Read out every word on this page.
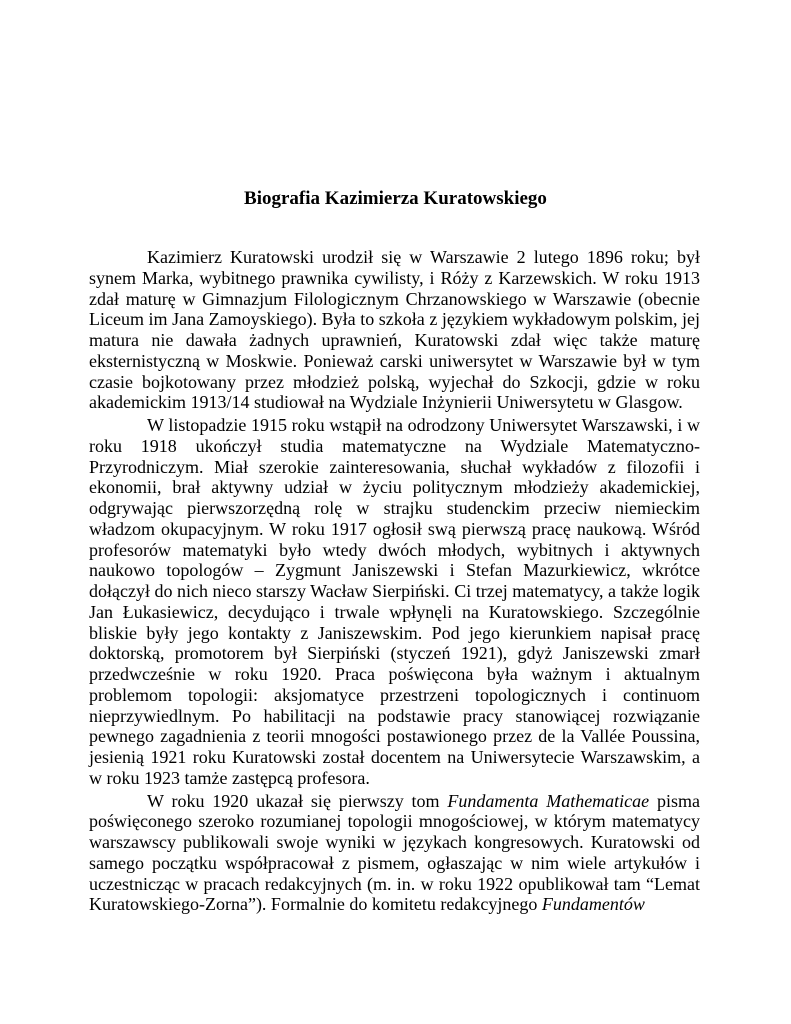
Biografia Kazimierza Kuratowskiego

Kazimierz Kuratowski urodził się w Warszawie 2 lutego 1896 roku; był synem Marka, wybitnego prawnika cywilisty, i Róży z Karzewskich. W roku 1913 zdał maturę w Gimnazjum Filologicznym Chrzanowskiego w Warszawie (obecnie Liceum im Jana Zamoyskiego). Była to szkoła z językiem wykładowym polskim, jej matura nie dawała żadnych uprawnień, Kuratowski zdał więc także maturę eksternistyczną w Moskwie. Ponieważ carski uniwersytet w Warszawie był w tym czasie bojkotowany przez młodzież polską, wyjechał do Szkocji, gdzie w roku akademickim 1913/14 studiował na Wydziale Inżynierii Uniwersytetu w Glasgow.

W listopadzie 1915 roku wstąpił na odrodzony Uniwersytet Warszawski, i w roku 1918 ukończył studia matematyczne na Wydziale Matematyczno-Przyrodniczym. Miał szerokie zainteresowania, słuchał wykładów z filozofii i ekonomii, brał aktywny udział w życiu politycznym młodzieży akademickiej, odgrywając pierwszorzędną rolę w strajku studenckim przeciw niemieckim władzom okupacyjnym. W roku 1917 ogłosił swą pierwszą pracę naukową. Wśród profesorów matematyki było wtedy dwóch młodych, wybitnych i aktywnych naukowo topologów – Zygmunt Janiszewski i Stefan Mazurkiewicz, wkrótce dołączył do nich nieco starszy Wacław Sierpiński. Ci trzej matematycy, a także logik Jan Łukasiewicz, decydująco i trwale wpłynęli na Kuratowskiego. Szczególnie bliskie były jego kontakty z Janiszewskim. Pod jego kierunkiem napisał pracę doktorską, promotorem był Sierpiński (styczeń 1921), gdyż Janiszewski zmarł przedwcześnie w roku 1920. Praca poświęcona była ważnym i aktualnym problemom topologii: aksjomatyce przestrzeni topologicznych i continuom nieprzywiedlnym. Po habilitacji na podstawie pracy stanowiącej rozwiązanie pewnego zagadnienia z teorii mnogości postawionego przez de la Vallée Poussina, jesienią 1921 roku Kuratowski został docentem na Uniwersytecie Warszawskim, a w roku 1923 tamże zastępcą profesora.

W roku 1920 ukazał się pierwszy tom Fundamenta Mathematicae pisma poświęconego szeroko rozumianej topologii mnogościowej, w którym matematycy warszawscy publikowali swoje wyniki w językach kongresowych. Kuratowski od samego początku współpracował z pismem, ogłaszając w nim wiele artykułów i uczestnicząc w pracach redakcyjnych (m. in. w roku 1922 opublikował tam “Lemat Kuratowskiego-Zorna”). Formalnie do komitetu redakcyjnego Fundamentów
